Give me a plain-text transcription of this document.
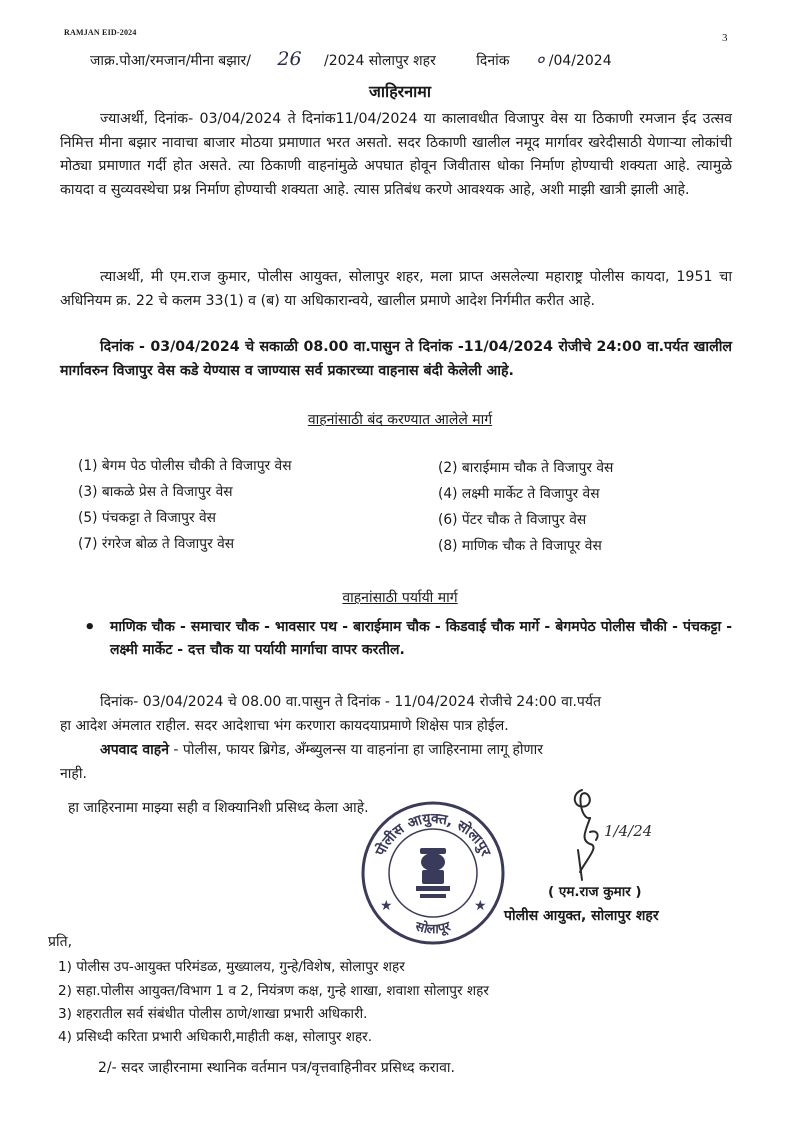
RAMJAN EID-2024	3
जाक्र.पोआ/रमजान/मीना बझार/ 26 /2024 सोलापुर शहर	दिनांक ० /04/2024
जाहिरनामा
ज्याअर्थी, दिनांक- 03/04/2024 ते दिनांक11/04/2024 या कालावधीत विजापुर वेस या ठिकाणी रमजान ईद उत्सव निमित्त मीना बझार नावाचा बाजार मोठया प्रमाणात भरत असतो. सदर ठिकाणी खालील नमूद मार्गावर खरेदीसाठी येणाऱ्या लोकांची मोठ्या प्रमाणात गर्दी होत असते. त्या ठिकाणी वाहनांमुळे अपघात होवून जिवीतास धोका निर्माण होण्याची शक्यता आहे. त्यामुळे कायदा व सुव्यवस्थेचा प्रश्न निर्माण होण्याची शक्यता आहे. त्यास प्रतिबंध करणे आवश्यक आहे, अशी माझी खात्री झाली आहे.
त्याअर्थी, मी एम.राज कुमार, पोलीस आयुक्त, सोलापुर शहर, मला प्राप्त असलेल्या महाराष्ट्र पोलीस कायदा, 1951 चा अधिनियम क्र. 22 चे कलम 33(1) व (ब) या अधिकारान्वये, खालील प्रमाणे आदेश निर्गमीत करीत आहे.
दिनांक - 03/04/2024 चे सकाळी 08.00 वा.पासुन ते दिनांक -11/04/2024 रोजीचे 24:00 वा.पर्यत खालील मार्गावरुन विजापुर वेस कडे येण्यास व जाण्यास सर्व प्रकारच्या वाहनास बंदी केलेली आहे.
वाहनांसाठी बंद करण्यात आलेले मार्ग
(1) बेगम पेठ पोलीस चौकी ते विजापुर वेस	(2) बाराईमाम चौक ते विजापुर वेस
(3) बाकळे प्रेस ते विजापुर वेस	(4) लक्ष्मी मार्केट ते विजापुर वेस
(5) पंचकट्टा ते विजापुर वेस	(6) पेंटर चौक ते विजापुर वेस
(7) रंगरेज बोळ ते विजापुर वेस	(8) माणिक चौक ते विजापूर वेस
वाहनांसाठी पर्यायी मार्ग
• माणिक चौक - समाचार चौक - भावसार पथ - बाराईमाम चौक - किडवाई चौक मार्गे - बेगमपेठ पोलीस चौकी - पंचकट्टा - लक्ष्मी मार्केट - दत्त चौक या पर्यायी मार्गाचा वापर करतील.
दिनांक- 03/04/2024 चे 08.00 वा.पासुन ते दिनांक - 11/04/2024 रोजीचे 24:00 वा.पर्यत
हा आदेश अंमलात राहील. सदर आदेशाचा भंग करणारा कायदयाप्रमाणे शिक्षेस पात्र होईल.
अपवाद वाहने - पोलीस, फायर ब्रिगेड, अँम्ब्युलन्स या वाहनांना हा जाहिरनामा लागू होणार
नाही.
हा जाहिरनामा माझ्या सही व शिक्यानिशी प्रसिध्द केला आहे.
पोलीस आयुक्त, सोलापुर
सोलापूर
★	★
1/4/24
( एम.राज कुमार )
पोलीस आयुक्त, सोलापुर शहर
प्रति,
1) पोलीस उप-आयुक्त परिमंडळ, मुख्यालय, गुन्हे/विशेष, सोलापुर शहर
2) सहा.पोलीस आयुक्त/विभाग 1 व 2, नियंत्रण कक्ष, गुन्हे शाखा, शवाशा सोलापुर शहर
3) शहरातील सर्व संबंधीत पोलीस ठाणे/शाखा प्रभारी अधिकारी.
4) प्रसिध्दी करिता प्रभारी अधिकारी,माहीती कक्ष, सोलापुर शहर.
2/- सदर जाहीरनामा स्थानिक वर्तमान पत्र/वृत्तवाहिनीवर प्रसिध्द करावा.
